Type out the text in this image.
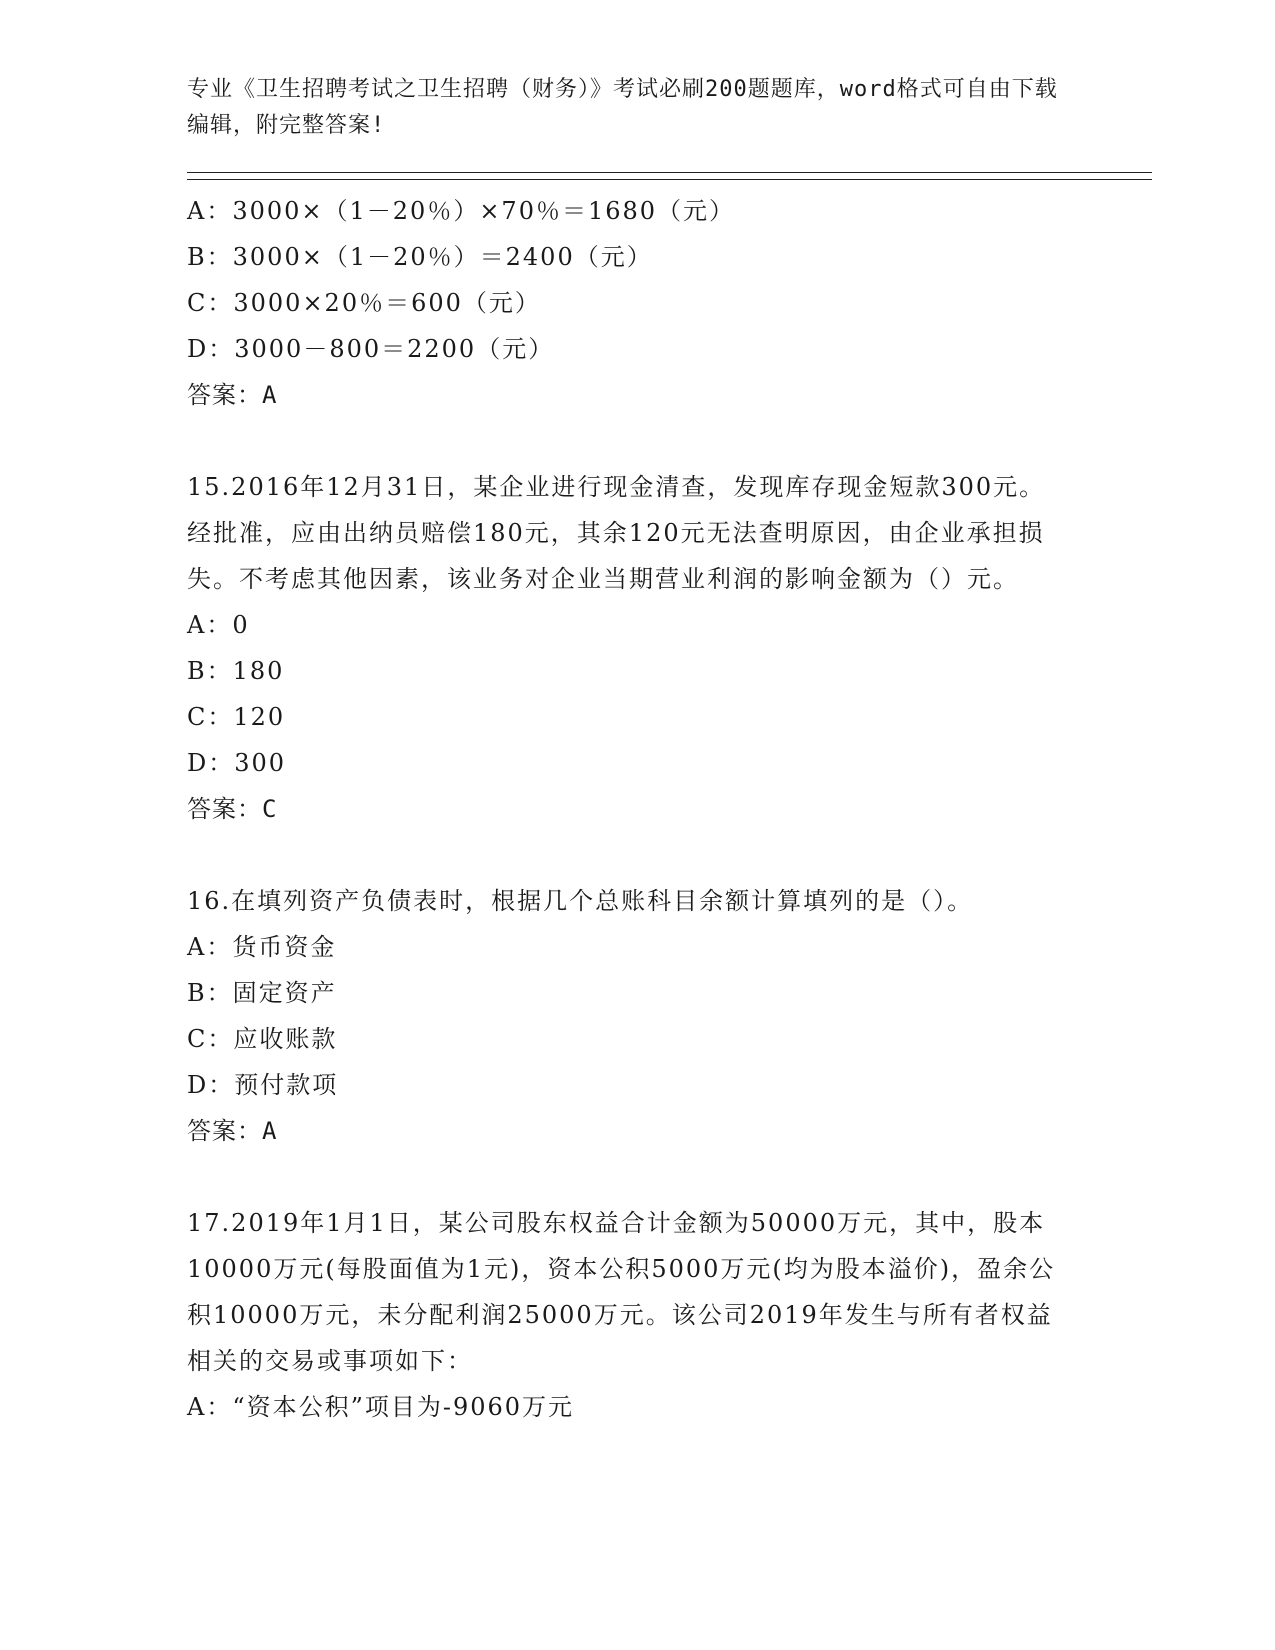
专业《卫生招聘考试之卫生招聘（财务）》考试必刷200题题库，word格式可自由下载编辑，附完整答案!
A：3000×（1－20％）×70％＝1680（元）
B：3000×（1－20％）＝2400（元）
C：3000×20％＝600（元）
D：3000－800＝2200（元）
答案：A
15.2016年12月31日，某企业进行现金清查，发现库存现金短款300元。经批准，应由出纳员赔偿180元，其余120元无法查明原因，由企业承担损失。不考虑其他因素，该业务对企业当期营业利润的影响金额为（）元。
A：0
B：180
C：120
D：300
答案：C
16.在填列资产负债表时，根据几个总账科目余额计算填列的是（）。
A：货币资金
B：固定资产
C：应收账款
D：预付款项
答案：A
17.2019年1月1日，某公司股东权益合计金额为50000万元，其中，股本10000万元(每股面值为1元)，资本公积5000万元(均为股本溢价)，盈余公积10000万元，未分配利润25000万元。该公司2019年发生与所有者权益相关的交易或事项如下：
A：“资本公积”项目为-9060万元
